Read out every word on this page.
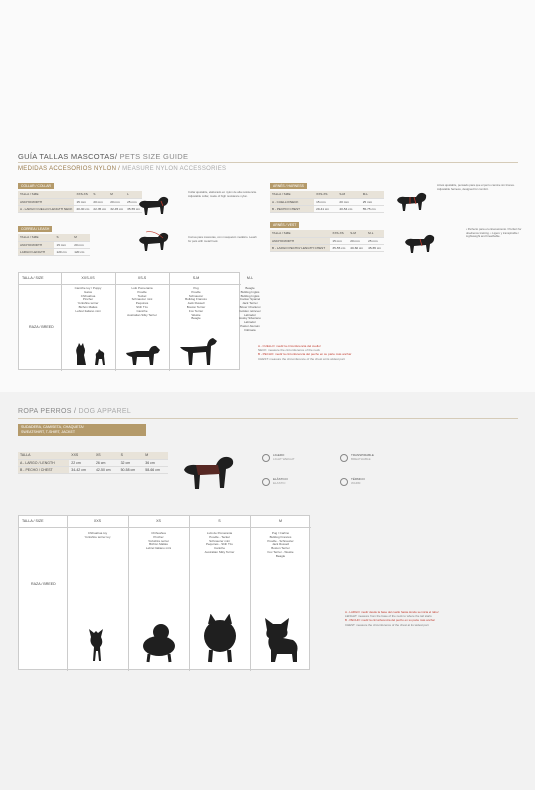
GUÍA TALLAS MASCOTAS/ PETS SIZE GUIDE
MEDIDAS ACCESORIOS NYLON / MEASURE NYLON ACCESSORIES
COLLAR / COLLAR
TALLA / SIZE	XXS-XS	S	M	L
ANCHO/WIDTH	15 mm	20 mm	20 mm	25 mm
A - LARGO CUELLO/ LENGTH NECK	20-30 cm	22-35 cm	32-45 cm	35-55 cm
Collar ajustable, elaborado en nylon de alta resistencia. Adjustable collar, made of high resistance nylon.
CORREA / LEASH
TALLA / SIZE	S	M
ANCHO/WIDTH	15 mm	20 mm
LARGO/ LENGTH	120 cm	120 cm
Correa para mascotas, con mosquetón metálico. Leash for pets with metal hook.
ARNÉS / HARNESS
TALLA / SIZE	XXS-XS	S-M	M-L
A - CUELLO/NECK	15 mm	20 mm	25 mm
B - PECHO/ CHEST	29-41 cm	40-54 cm	55-75 cm
Arnés ajustable, pensado para que el perro camine sin tirones. Adjustable harness, designed for comfort.
ARNÉS / VEST
TALLA / SIZE	XXS-XS	S-M	M-L
ANCHO/WIDTH	15 mm	20 mm	25 mm
B - LARGO PECHO/ LENGTH CHEST	35-55 cm	40-60 cm	45-65 cm
• Perfecto para el entrenamiento / Perfect for obedience training. • Ligero y transpirable / Lightweight and breathable.
TALLA / SIZE
RAZA / BREED
XXS-XS
Caniche toy / Puppy
Gatos
Chihuahua
Pincher
Yorkshire terrier
Bichón Maltés
Lebrel Italiano mini
XS-S
Lulú Pomerania
Poodle
Teckel
Schnauzer mini
Pequinés
Shih Tzu
Caniche
Australian Silky Terrier
S-M
Pug
Poodle
Schnauzer
Bulldog Francés
Jack Russell
Boston Terrier
Fox Terrier
Westie
Beagle
M-L
Beagle
Bulldog Inglés
Bulldog Inglés
Cocker Spaniel
Jack Terrier
Bóxer Charleroi
Golden retriever
Labrador
Husky Siberiano
Labrador
Pastor Alemán
Dálmata
A - CUELLO: medir la circunferencia del cuello/
NECK: measure the circumference of the neck
B - PECHO: medir la circunferencia del pecho en su parte más ancha/
CHEST: measure the circumference of the chest at its widest part
ROPA PERROS / DOG APPAREL
SUDADERA, CAMISETA, CHAQUETA/
SWEATSHIRT, T-SHIRT, JACKET
TALLA	XXS	XS	S	M
A - LARGO / LENGTH	22 cm	26 cm	32 cm	36 cm
B - PECHO / CHEST	34-42 cm	42-50 cm	50-58 cm	58-66 cm
LIGERO
LIGHT WEIGHT
TRANSPIRABLE
BREATHABLE
ELÁSTICO
ELASTIC
TÉRMICO
WARM
TALLA / SIZE
RAZA / BREED
XXS
Chihuahua toy
Yorkshire terrier toy
XS
Chihuahua
Pincher
Yorkshire terrier
Bichón Maltés
Lebrel Italiano mini
S
Lulú de Pomerania
Poodle - Teckel
Schnauzer mini
Pequinés - Shih Tzu
Caniche
Australian Silky Terrier
M
Pug / Carlino
Bulldog Francés
Poodle - Schnauzer
Jack Russell
Boston Terrier
Fox Terrier - Westie
Beagle
A - LARGO: medir desde la base del cuello hasta donde se inicia el rabo/
LENGHT: measure from the base of the neck to where the tail starts
B - PECHO: medir la circunferencia del pecho en su parte más ancha/
CHEST: measure the circumference of the chest at its widest part
